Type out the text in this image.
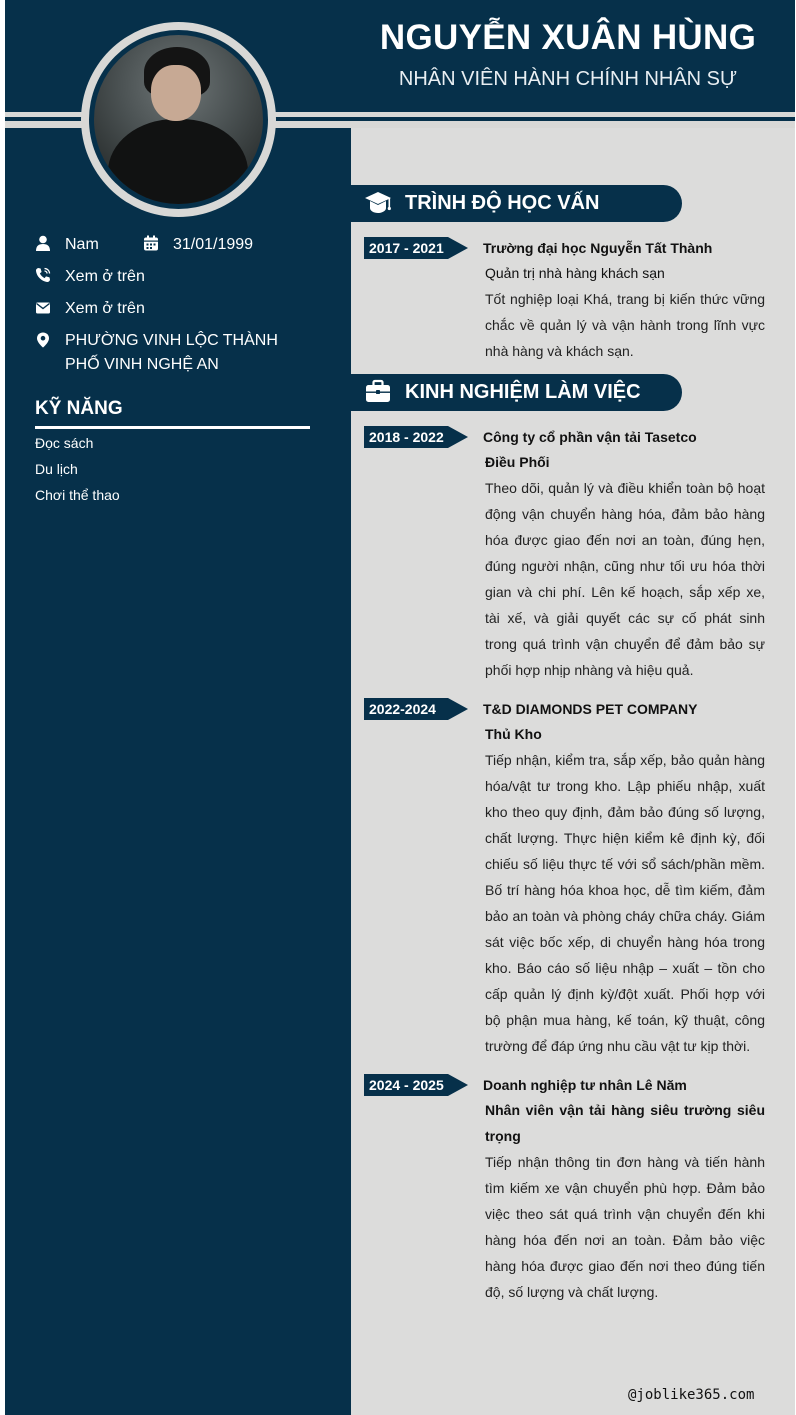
NGUYỄN XUÂN HÙNG
NHÂN VIÊN HÀNH CHÍNH NHÂN SỰ
Nam	31/01/1999
Xem ở trên
Xem ở trên
PHƯỜNG VINH LỘC THÀNH PHỐ VINH NGHỆ AN
KỸ NĂNG
Đọc sách
Du lịch
Chơi thể thao
TRÌNH ĐỘ HỌC VẤN
2017 - 2021	Trường đại học Nguyễn Tất Thành
Quản trị nhà hàng khách sạn
Tốt nghiệp loại Khá, trang bị kiến thức vững chắc về quản lý và vận hành trong lĩnh vực nhà hàng và khách sạn.
KINH NGHIỆM LÀM VIỆC
2018 - 2022	Công ty cổ phần vận tải Tasetco
Điều Phối
Theo dõi, quản lý và điều khiển toàn bộ hoạt động vận chuyển hàng hóa, đảm bảo hàng hóa được giao đến nơi an toàn, đúng hẹn, đúng người nhận, cũng như tối ưu hóa thời gian và chi phí. Lên kế hoạch, sắp xếp xe, tài xế, và giải quyết các sự cố phát sinh trong quá trình vận chuyển để đảm bảo sự phối hợp nhịp nhàng và hiệu quả.
2022-2024	T&D DIAMONDS PET COMPANY
Thủ Kho
Tiếp nhận, kiểm tra, sắp xếp, bảo quản hàng hóa/vật tư trong kho. Lập phiếu nhập, xuất kho theo quy định, đảm bảo đúng số lượng, chất lượng. Thực hiện kiểm kê định kỳ, đối chiếu số liệu thực tế với sổ sách/phần mềm. Bố trí hàng hóa khoa học, dễ tìm kiếm, đảm bảo an toàn và phòng cháy chữa cháy. Giám sát việc bốc xếp, di chuyển hàng hóa trong kho. Báo cáo số liệu nhập – xuất – tồn cho cấp quản lý định kỳ/đột xuất. Phối hợp với bộ phận mua hàng, kế toán, kỹ thuật, công trường để đáp ứng nhu cầu vật tư kịp thời.
2024 - 2025	Doanh nghiệp tư nhân Lê Năm
Nhân viên vận tải hàng siêu trường siêu trọng
Tiếp nhận thông tin đơn hàng và tiến hành tìm kiếm xe vận chuyển phù hợp. Đảm bảo việc theo sát quá trình vận chuyển đến khi hàng hóa đến nơi an toàn. Đảm bảo việc hàng hóa được giao đến nơi theo đúng tiến độ, số lượng và chất lượng.
@joblike365.com
